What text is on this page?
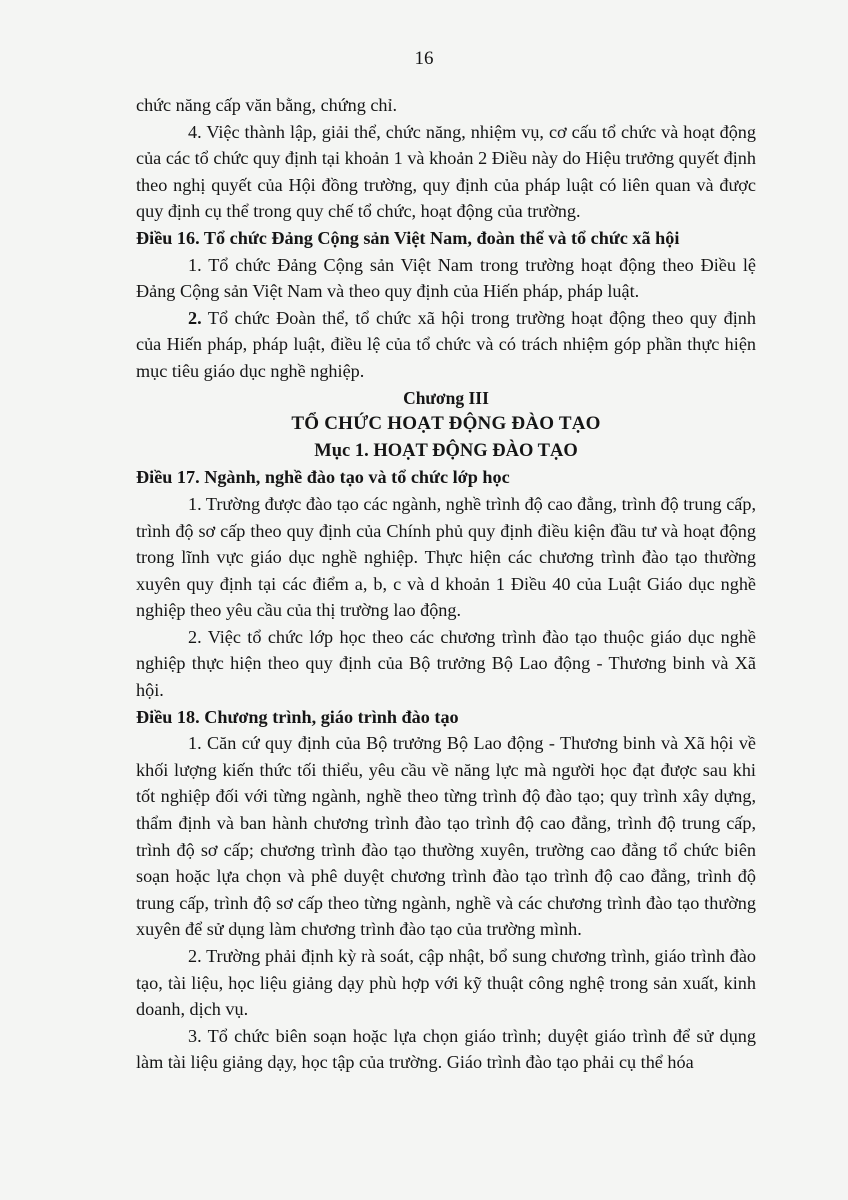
16

chức năng cấp văn bằng, chứng chỉ.

4. Việc thành lập, giải thể, chức năng, nhiệm vụ, cơ cấu tổ chức và hoạt động của các tổ chức quy định tại khoản 1 và khoản 2 Điều này do Hiệu trưởng quyết định theo nghị quyết của Hội đồng trường, quy định của pháp luật có liên quan và được quy định cụ thể trong quy chế tổ chức, hoạt động của trường.

Điều 16. Tổ chức Đảng Cộng sản Việt Nam, đoàn thể và tổ chức xã hội

1. Tổ chức Đảng Cộng sản Việt Nam trong trường hoạt động theo Điều lệ Đảng Cộng sản Việt Nam và theo quy định của Hiến pháp, pháp luật.

2. Tổ chức Đoàn thể, tổ chức xã hội trong trường hoạt động theo quy định của Hiến pháp, pháp luật, điều lệ của tổ chức và có trách nhiệm góp phần thực hiện mục tiêu giáo dục nghề nghiệp.

Chương III

TỔ CHỨC HOẠT ĐỘNG ĐÀO TẠO

Mục 1. HOẠT ĐỘNG ĐÀO TẠO

Điều 17. Ngành, nghề đào tạo và tổ chức lớp học

1. Trường được đào tạo các ngành, nghề trình độ cao đẳng, trình độ trung cấp, trình độ sơ cấp theo quy định của Chính phủ quy định điều kiện đầu tư và hoạt động trong lĩnh vực giáo dục nghề nghiệp. Thực hiện các chương trình đào tạo thường xuyên quy định tại các điểm a, b, c và d khoản 1 Điều 40 của Luật Giáo dục nghề nghiệp theo yêu cầu của thị trường lao động.

2. Việc tổ chức lớp học theo các chương trình đào tạo thuộc giáo dục nghề nghiệp thực hiện theo quy định của Bộ trưởng Bộ Lao động - Thương binh và Xã hội.

Điều 18. Chương trình, giáo trình đào tạo

1. Căn cứ quy định của Bộ trưởng Bộ Lao động - Thương binh và Xã hội về khối lượng kiến thức tối thiểu, yêu cầu về năng lực mà người học đạt được sau khi tốt nghiệp đối với từng ngành, nghề theo từng trình độ đào tạo; quy trình xây dựng, thẩm định và ban hành chương trình đào tạo trình độ cao đẳng, trình độ trung cấp, trình độ sơ cấp; chương trình đào tạo thường xuyên, trường cao đẳng tổ chức biên soạn hoặc lựa chọn và phê duyệt chương trình đào tạo trình độ cao đẳng, trình độ trung cấp, trình độ sơ cấp theo từng ngành, nghề và các chương trình đào tạo thường xuyên để sử dụng làm chương trình đào tạo của trường mình.

2. Trường phải định kỳ rà soát, cập nhật, bổ sung chương trình, giáo trình đào tạo, tài liệu, học liệu giảng dạy phù hợp với kỹ thuật công nghệ trong sản xuất, kinh doanh, dịch vụ.

3. Tổ chức biên soạn hoặc lựa chọn giáo trình; duyệt giáo trình để sử dụng làm tài liệu giảng dạy, học tập của trường. Giáo trình đào tạo phải cụ thể hóa
